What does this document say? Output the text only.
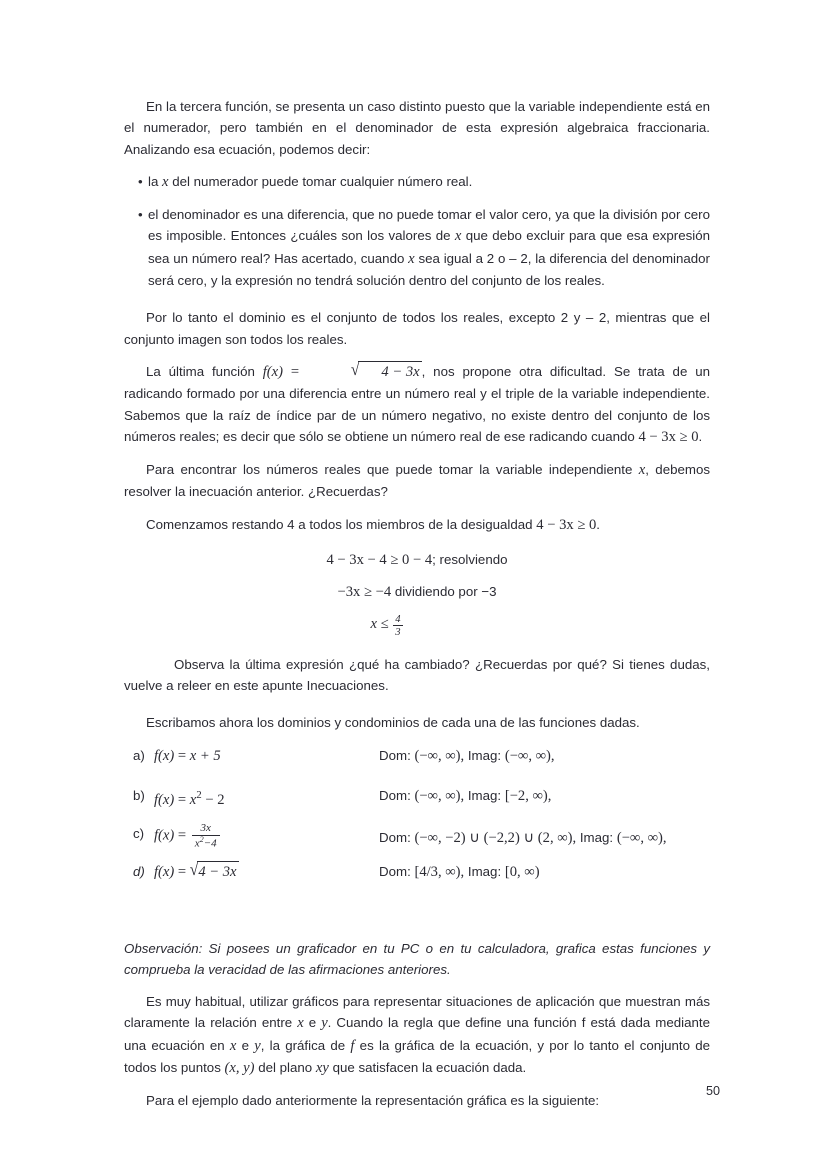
En la tercera función, se presenta un caso distinto puesto que la variable independiente está en el numerador, pero también en el denominador de esta expresión algebraica fraccionaria. Analizando esa ecuación, podemos decir:

• la x del numerador puede tomar cualquier número real.
• el denominador es una diferencia, que no puede tomar el valor cero, ya que la división por cero es imposible. Entonces ¿cuáles son los valores de x que debo excluir para que esa expresión sea un número real? Has acertado, cuando x sea igual a 2 o – 2, la diferencia del denominador será cero, y la expresión no tendrá solución dentro del conjunto de los reales.

Por lo tanto el dominio es el conjunto de todos los reales, excepto 2 y – 2, mientras que el conjunto imagen son todos los reales.

La última función f(x) =	√ 4 − 3x , nos propone otra dificultad. Se trata de un radicando formado por una diferencia entre un número real y el triple de la variable independiente. Sabemos que la raíz de índice par de un número negativo, no existe dentro del conjunto de los números reales; es decir que sólo se obtiene un número real de ese radicando cuando 4 − 3x ≥ 0.

Para encontrar los números reales que puede tomar la variable independiente x, debemos resolver la inecuación anterior. ¿Recuerdas?

Comenzamos restando 4 a todos los miembros de la desigualdad 4 − 3x ≥ 0.

4 − 3x − 4 ≥ 0 − 4; resolviendo
−3x ≥ −4 dividiendo por −3
$x \le \frac{4}{3}$

Observa la última expresión ¿qué ha cambiado? ¿Recuerdas por qué? Si tienes dudas, vuelve a releer en este apunte Inecuaciones.

Escribamos ahora los dominios y condominios de cada una de las funciones dadas.

a) f(x) = x + 5	Dom: (−∞, ∞), Imag: (−∞, ∞),
b) $f(x) = x^2 - 2$	Dom: (−∞, ∞), Imag: [−2, ∞),
c) $f(x) = \frac{3x}{x^2-4}$	Dom: (−∞, −2) ∪ (−2,2) ∪ (2, ∞), Imag: (−∞, ∞),
d) f(x) = √4 − 3x	Dom: [4/3, ∞), Imag: [0, ∞)

Observación: Si posees un graficador en tu PC o en tu calculadora, grafica estas funciones y comprueba la veracidad de las afirmaciones anteriores.

Es muy habitual, utilizar gráficos para representar situaciones de aplicación que muestran más claramente la relación entre x e y. Cuando la regla que define una función f está dada mediante una ecuación en x e y, la gráfica de f es la gráfica de la ecuación, y por lo tanto el conjunto de todos los puntos (x, y) del plano xy que satisfacen la ecuación dada.

Para el ejemplo dado anteriormente la representación gráfica es la siguiente:

50
